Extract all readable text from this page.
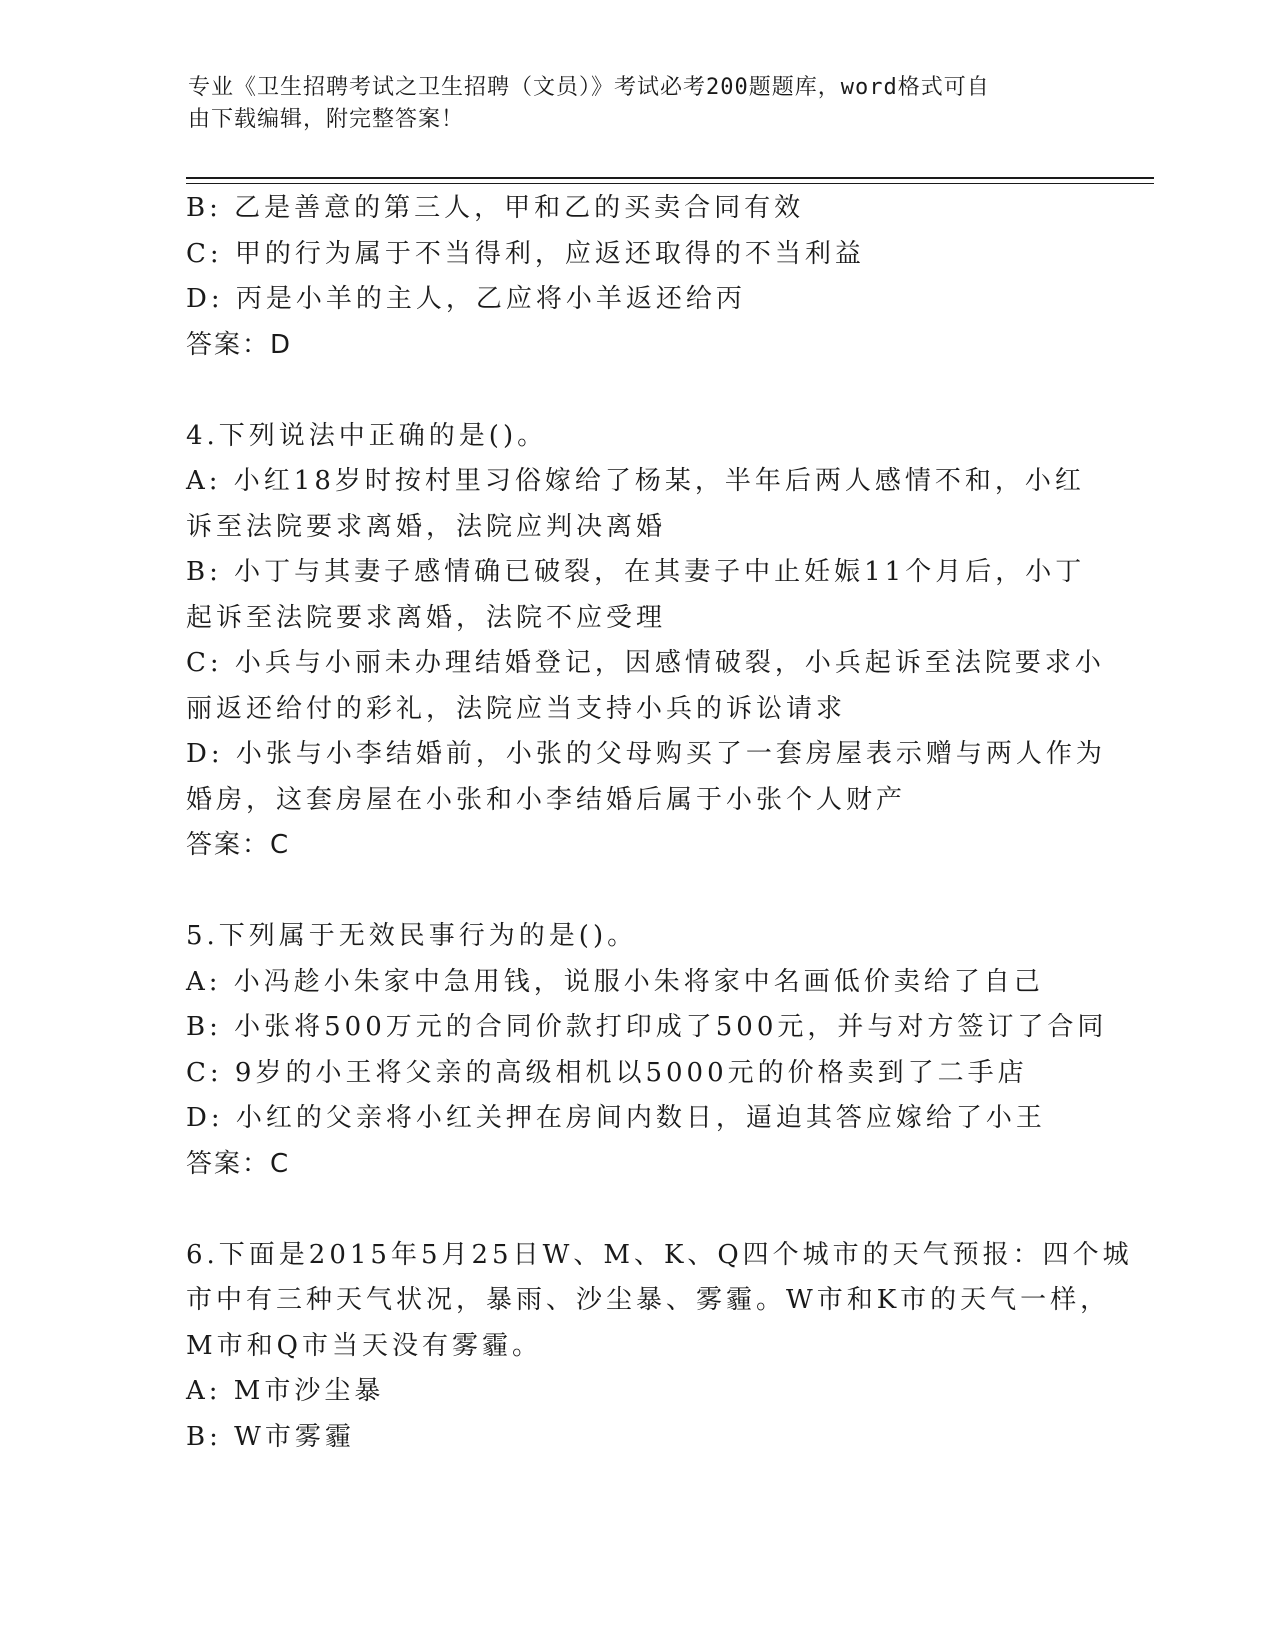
专业《卫生招聘考试之卫生招聘（文员）》考试必考200题题库，word格式可自
由下载编辑，附完整答案！
B: 乙是善意的第三人，甲和乙的买卖合同有效
C: 甲的行为属于不当得利，应返还取得的不当利益
D: 丙是小羊的主人，乙应将小羊返还给丙
答案：D
4.下列说法中正确的是()。
A: 小红18岁时按村里习俗嫁给了杨某，半年后两人感情不和，小红
诉至法院要求离婚，法院应判决离婚
B: 小丁与其妻子感情确已破裂，在其妻子中止妊娠11个月后，小丁
起诉至法院要求离婚，法院不应受理
C: 小兵与小丽未办理结婚登记，因感情破裂，小兵起诉至法院要求小
丽返还给付的彩礼，法院应当支持小兵的诉讼请求
D: 小张与小李结婚前，小张的父母购买了一套房屋表示赠与两人作为
婚房，这套房屋在小张和小李结婚后属于小张个人财产
答案：C
5.下列属于无效民事行为的是()。
A: 小冯趁小朱家中急用钱，说服小朱将家中名画低价卖给了自己
B: 小张将500万元的合同价款打印成了500元，并与对方签订了合同
C: 9岁的小王将父亲的高级相机以5000元的价格卖到了二手店
D: 小红的父亲将小红关押在房间内数日，逼迫其答应嫁给了小王
答案：C
6.下面是2015年5月25日W、M、K、Q四个城市的天气预报：四个城
市中有三种天气状况，暴雨、沙尘暴、雾霾。W市和K市的天气一样，
M市和Q市当天没有雾霾。
A: M市沙尘暴
B: W市雾霾
